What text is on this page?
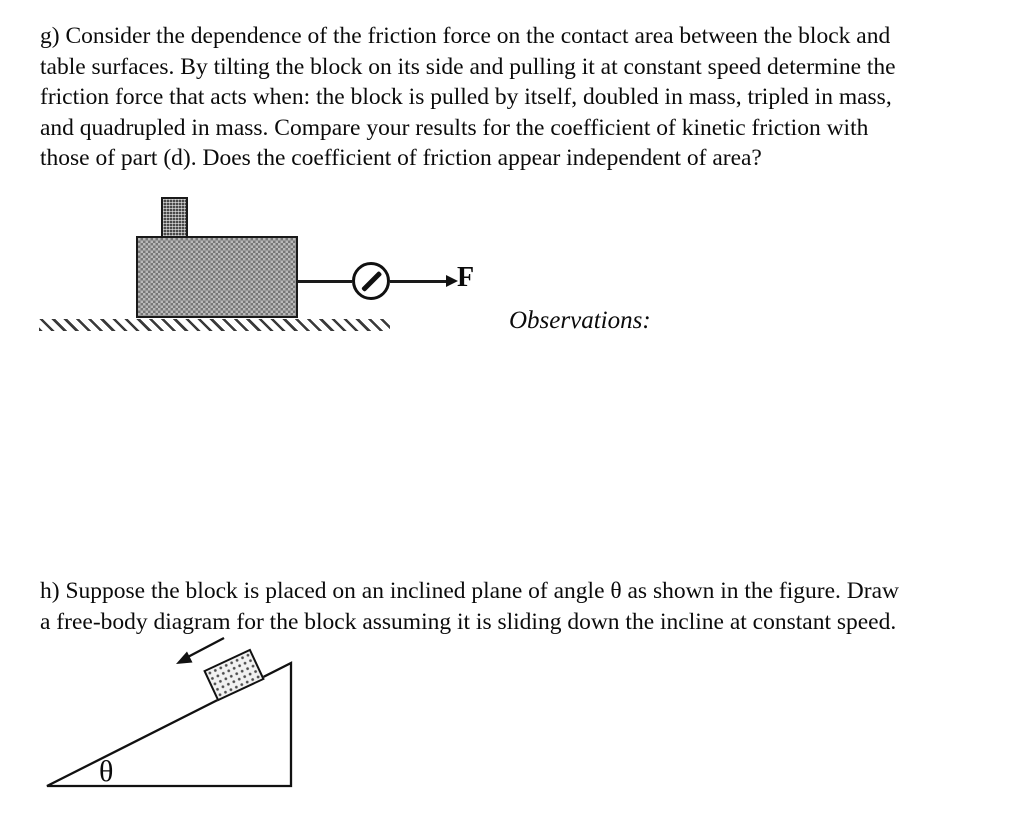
g) Consider the dependence of the friction force on the contact area between the block and
table surfaces. By tilting the block on its side and pulling it at constant speed determine the
friction force that acts when: the block is pulled by itself, doubled in mass, tripled in mass,
and quadrupled in mass. Compare your results for the coefficient of kinetic friction with
those of part (d). Does the coefficient of friction appear independent of area?
F
Observations:
h) Suppose the block is placed on an inclined plane of angle θ as shown in the figure. Draw
a free-body diagram for the block assuming it is sliding down the incline at constant speed.
θ
